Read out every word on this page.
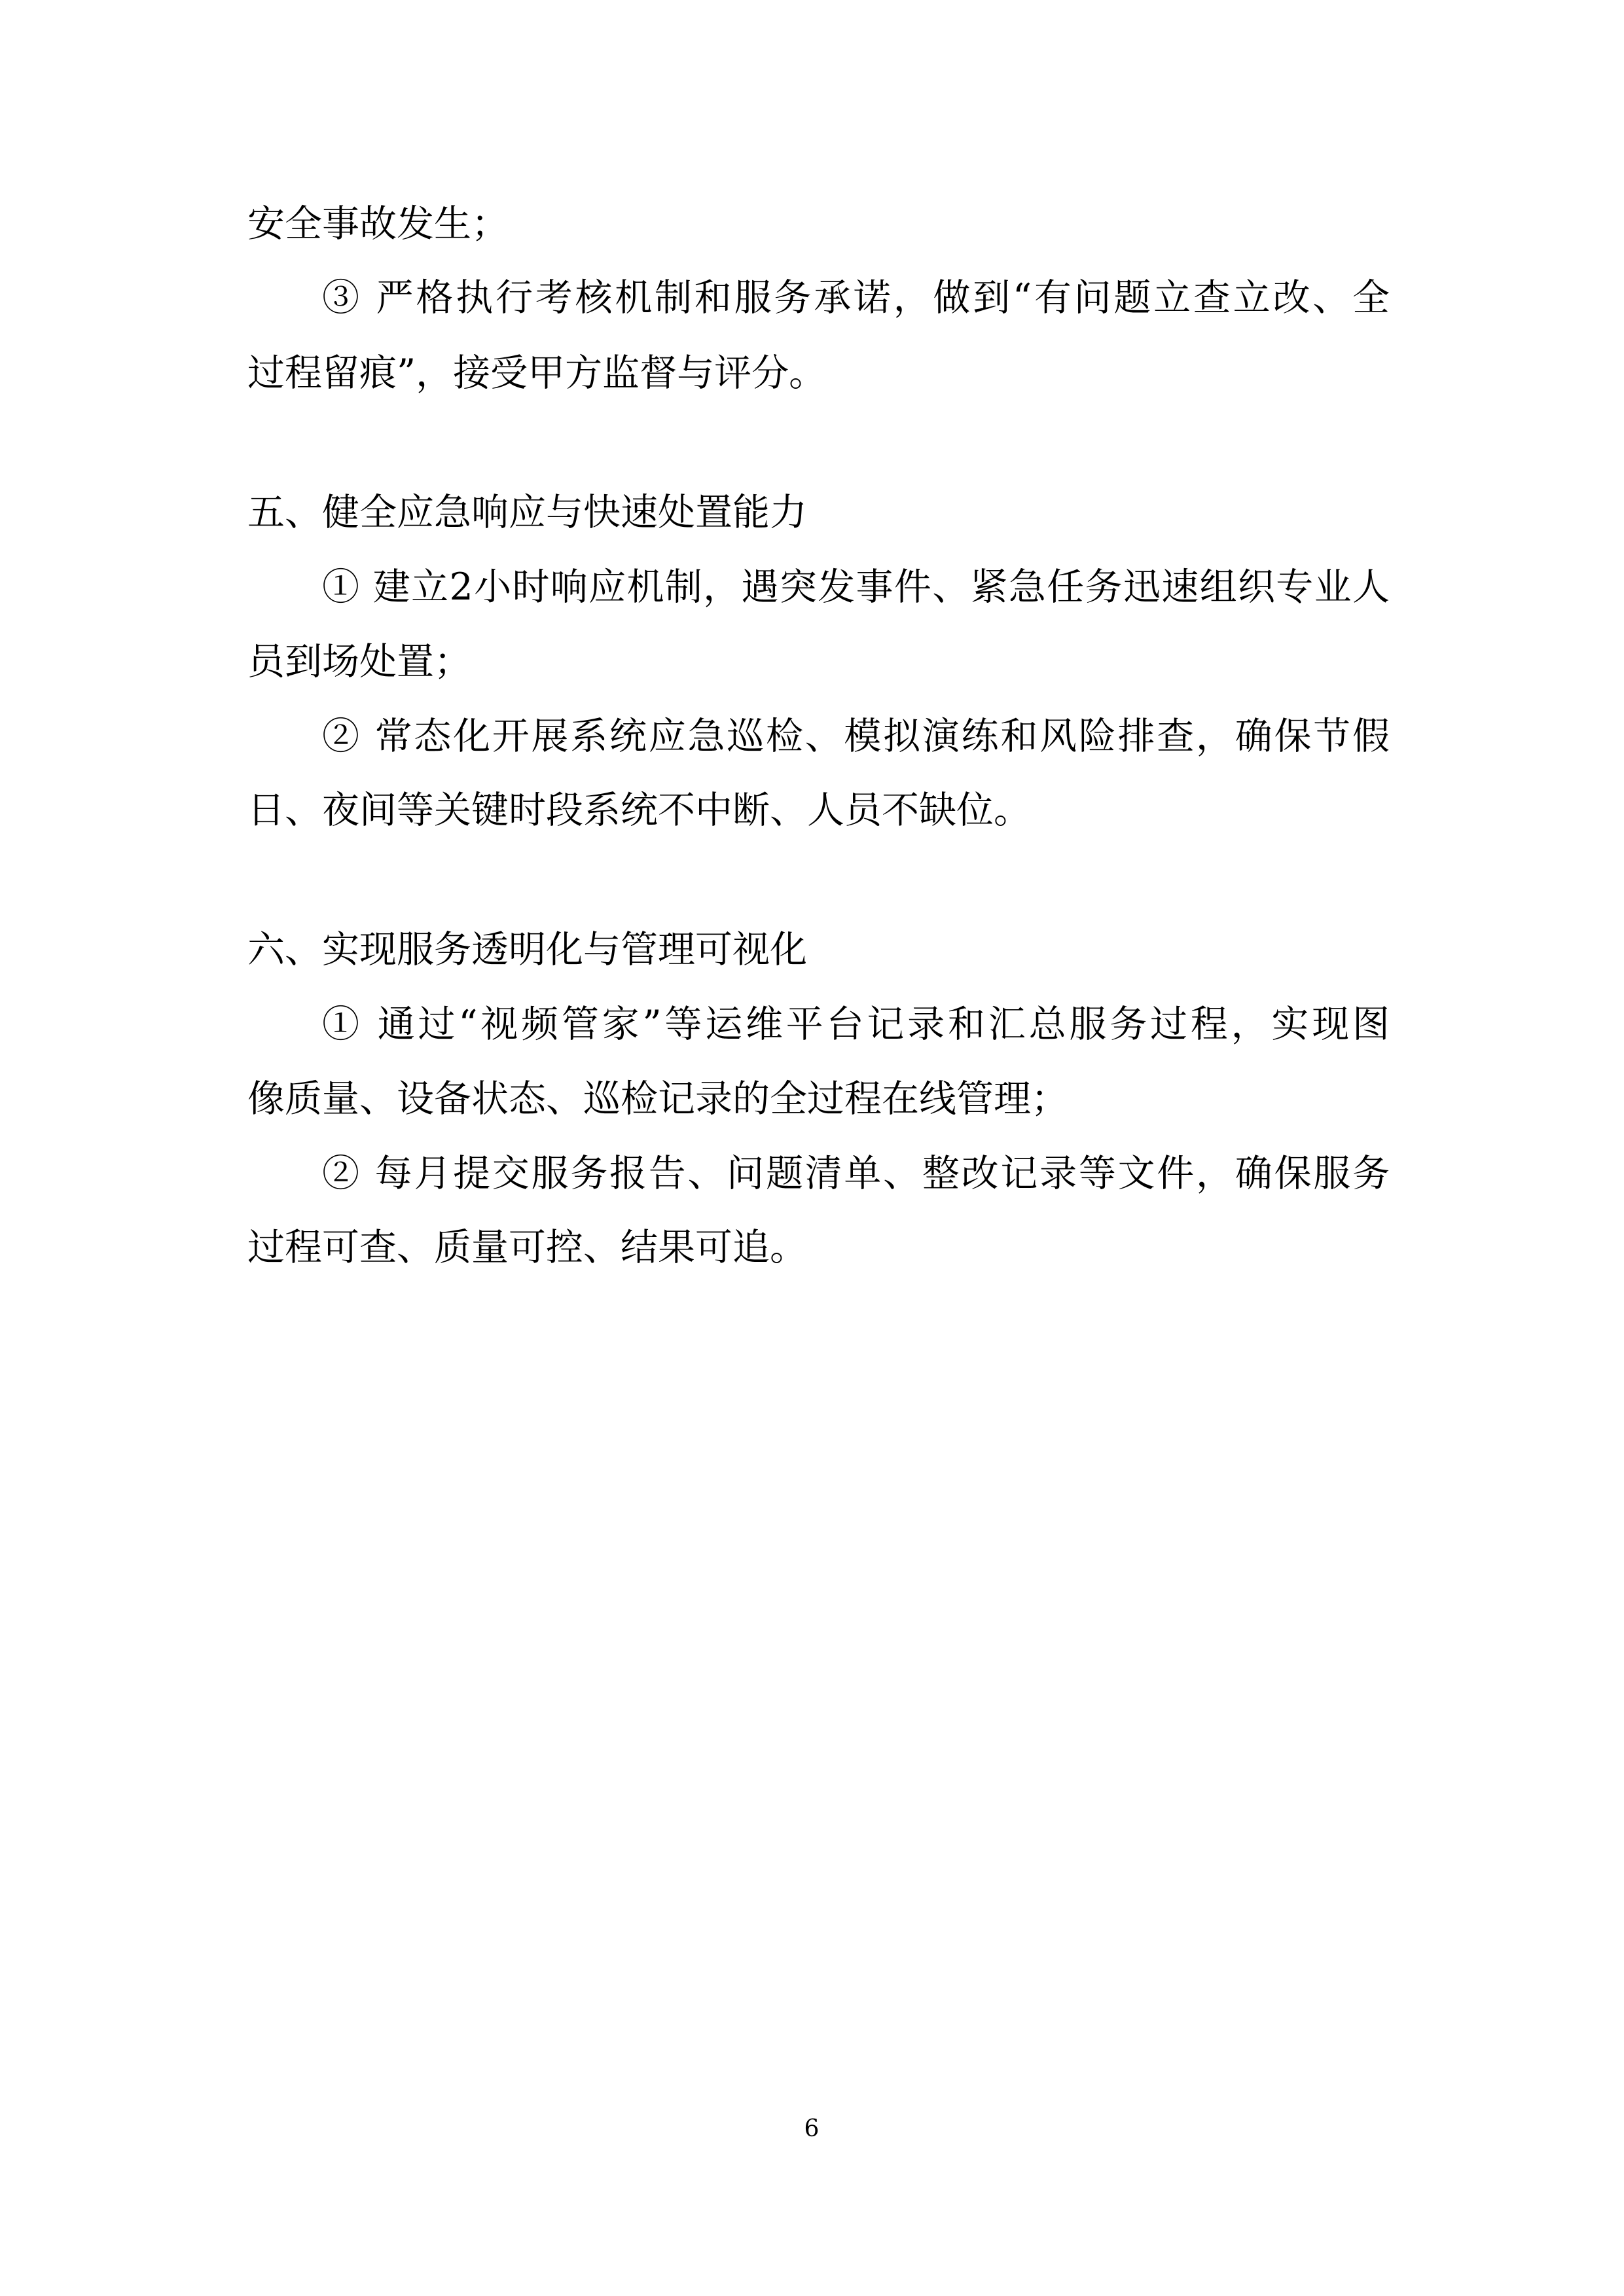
安全事故发生；
③ 严格执行考核机制和服务承诺，做到“有问题立查立改、全
过程留痕”，接受甲方监督与评分。
五、健全应急响应与快速处置能力
① 建立2小时响应机制，遇突发事件、紧急任务迅速组织专业人
员到场处置；
② 常态化开展系统应急巡检、模拟演练和风险排查，确保节假
日、夜间等关键时段系统不中断、人员不缺位。
六、实现服务透明化与管理可视化
① 通过“视频管家”等运维平台记录和汇总服务过程，实现图
像质量、设备状态、巡检记录的全过程在线管理；
② 每月提交服务报告、问题清单、整改记录等文件，确保服务
过程可查、质量可控、结果可追。
6
